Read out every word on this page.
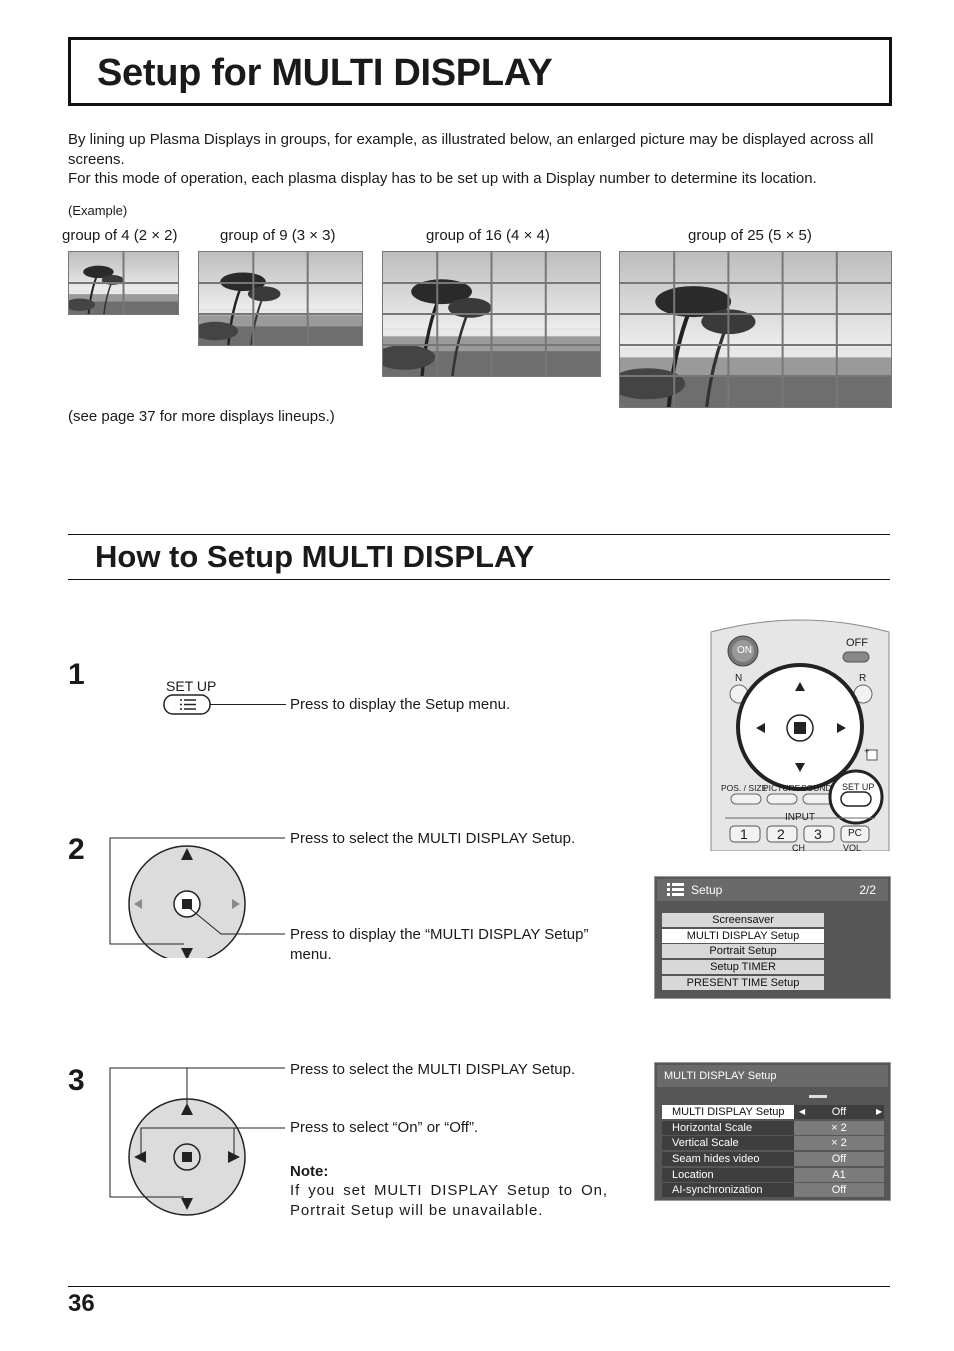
Setup for MULTI DISPLAY
By lining up Plasma Displays in groups, for example, as illustrated below, an enlarged picture may be displayed across all screens.
For this mode of operation, each plasma display has to be set up with a Display number to determine its location.
(Example)
group of 4 (2 × 2)	group of 9 (3 × 3)	group of 16 (4 × 4)	group of 25 (5 × 5)
(see page 37 for more displays lineups.)
How to Setup MULTI DISPLAY
1	SET UP
Press to display the Setup menu.
ON
OFF
N	R
+
POS. / SIZE
PICTURE SOUND SET UP
INPUT
1 2 3	PC
CH	VOL
2	Press to select the MULTI DISPLAY Setup.
Press to display the “MULTI DISPLAY Setup” menu.
Setup	2/2
Screensaver
MULTI DISPLAY Setup
Portrait Setup
Setup TIMER
PRESENT TIME Setup
3	Press to select the MULTI DISPLAY Setup.
Press to select “On” or “Off”.
Note:
If you set MULTI DISPLAY Setup to On, Portrait Setup will be unavailable.
MULTI DISPLAY Setup
MULTI DISPLAY Setup	Off
◀	▶
Horizontal Scale	× 2
Vertical Scale	× 2
Seam hides video	Off
Location	A1
AI-synchronization	Off
36
